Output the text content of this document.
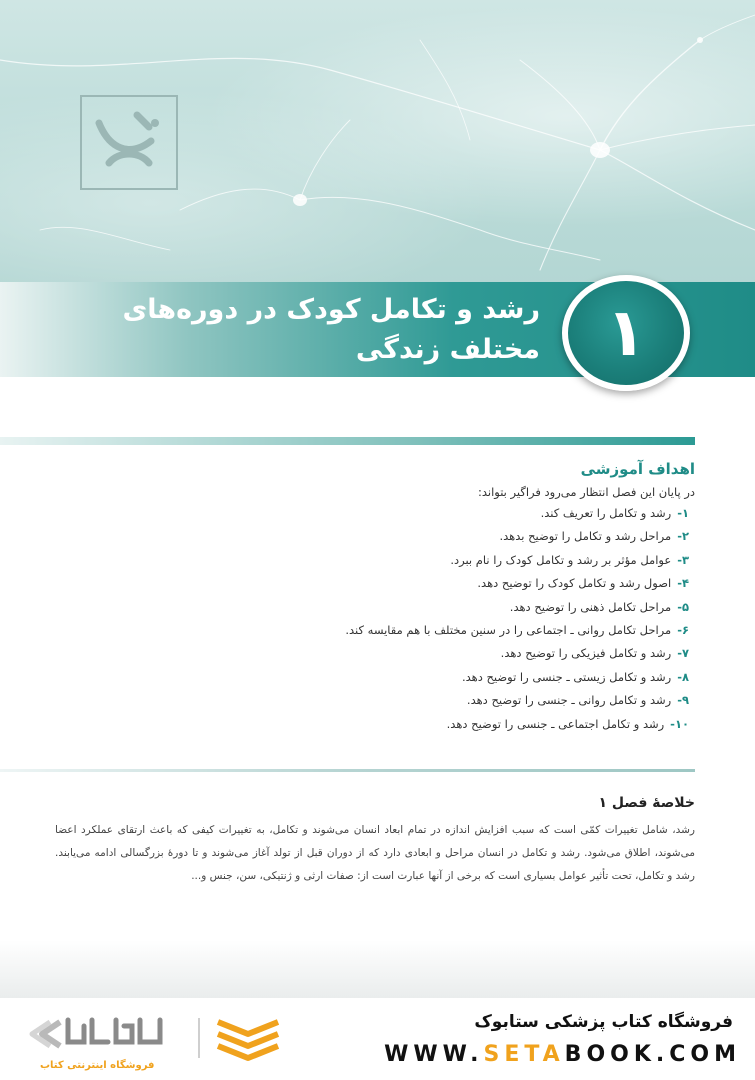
رشد و تکامل کودک در دوره‌های
مختلف زندگی ۱
اهداف آموزشی
در پایان این فصل انتظار می‌رود فراگیر بتواند:
۱-رشد و تکامل را تعریف کند.
۲-مراحل رشد و تکامل را توضیح بدهد.
۳-عوامل مؤثر بر رشد و تکامل کودک را نام ببرد.
۴-اصول رشد و تکامل کودک را توضیح دهد.
۵-مراحل تکامل ذهنی را توضیح دهد.
۶-مراحل تکامل روانی ـ اجتماعی را در سنین مختلف با هم مقایسه کند.
۷-رشد و تکامل فیزیکی را توضیح دهد.
۸-رشد و تکامل زیستی ـ جنسی را توضیح دهد.
۹-رشد و تکامل روانی ـ جنسی را توضیح دهد.
۱۰-رشد و تکامل اجتماعی ـ جنسی را توضیح دهد.
خلاصهٔ فصل ۱

رشد، شامل تغییرات کمّی است که سبب افزایش اندازه در تمام ابعاد انسان می‌شوند و تکامل، به تغییرات کیفی که باعث ارتقای عملکرد اعضا می‌شوند، اطلاق می‌شود. رشد و تکامل در انسان مراحل و ابعادی دارد که از دوران قبل از تولد آغاز می‌شوند و تا دورهٔ بزرگسالی ادامه می‌یابند. رشد و تکامل، تحت تأثیر عوامل بسیاری است که برخی از آنها عبارت است از: صفات ارثی و ژنتیکی، سن، جنس و...

فروشگاه اینترنتی کتاب
فروشگاه کتاب پزشکی ستابوک
WWW.SETABOOK.COM
